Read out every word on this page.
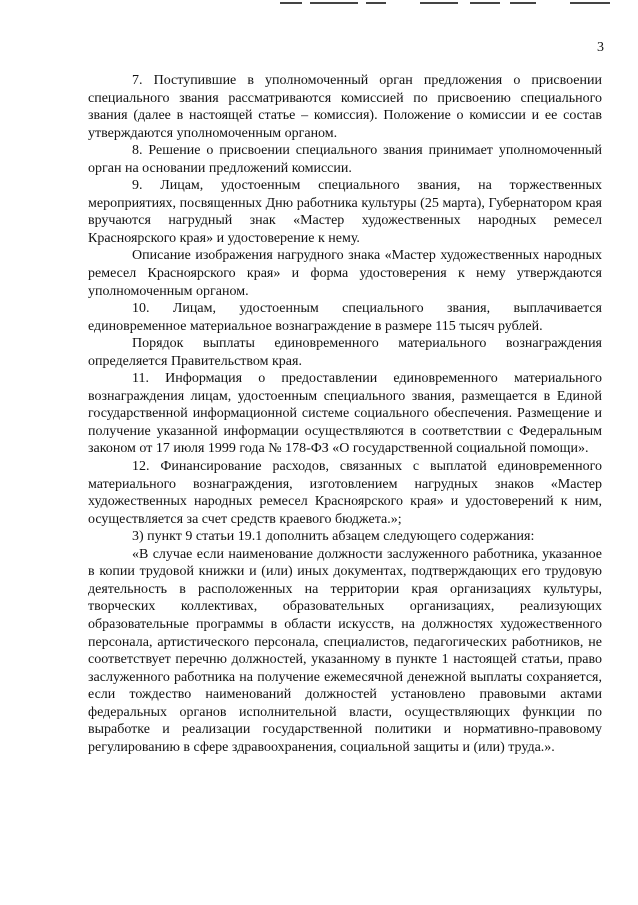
3

7. Поступившие в уполномоченный орган предложения о присвоении специального звания рассматриваются комиссией по присвоению специального звания (далее в настоящей статье – комиссия). Положение о комиссии и ее состав утверждаются уполномоченным органом.

8. Решение о присвоении специального звания принимает уполномоченный орган на основании предложений комиссии.

9. Лицам, удостоенным специального звания, на торжественных мероприятиях, посвященных Дню работника культуры (25 марта), Губернатором края вручаются нагрудный знак «Мастер художественных народных ремесел Красноярского края» и удостоверение к нему.

Описание изображения нагрудного знака «Мастер художественных народных ремесел Красноярского края» и форма удостоверения к нему утверждаются уполномоченным органом.

10. Лицам, удостоенным специального звания, выплачивается единовременное материальное вознаграждение в размере 115 тысяч рублей.

Порядок выплаты единовременного материального вознаграждения определяется Правительством края.

11. Информация о предоставлении единовременного материального вознаграждения лицам, удостоенным специального звания, размещается в Единой государственной информационной системе социального обеспечения. Размещение и получение указанной информации осуществляются в соответствии с Федеральным законом от 17 июля 1999 года № 178-ФЗ «О государственной социальной помощи».

12. Финансирование расходов, связанных с выплатой единовременного материального вознаграждения, изготовлением нагрудных знаков «Мастер художественных народных ремесел Красноярского края» и удостоверений к ним, осуществляется за счет средств краевого бюджета.»;

3) пункт 9 статьи 19.1 дополнить абзацем следующего содержания:

«В случае если наименование должности заслуженного работника, указанное в копии трудовой книжки и (или) иных документах, подтверждающих его трудовую деятельность в расположенных на территории края организациях культуры, творческих коллективах, образовательных организациях, реализующих образовательные программы в области искусств, на должностях художественного персонала, артистического персонала, специалистов, педагогических работников, не соответствует перечню должностей, указанному в пункте 1 настоящей статьи, право заслуженного работника на получение ежемесячной денежной выплаты сохраняется, если тождество наименований должностей установлено правовыми актами федеральных органов исполнительной власти, осуществляющих функции по выработке и реализации государственной политики и нормативно-правовому регулированию в сфере здравоохранения, социальной защиты и (или) труда.».
